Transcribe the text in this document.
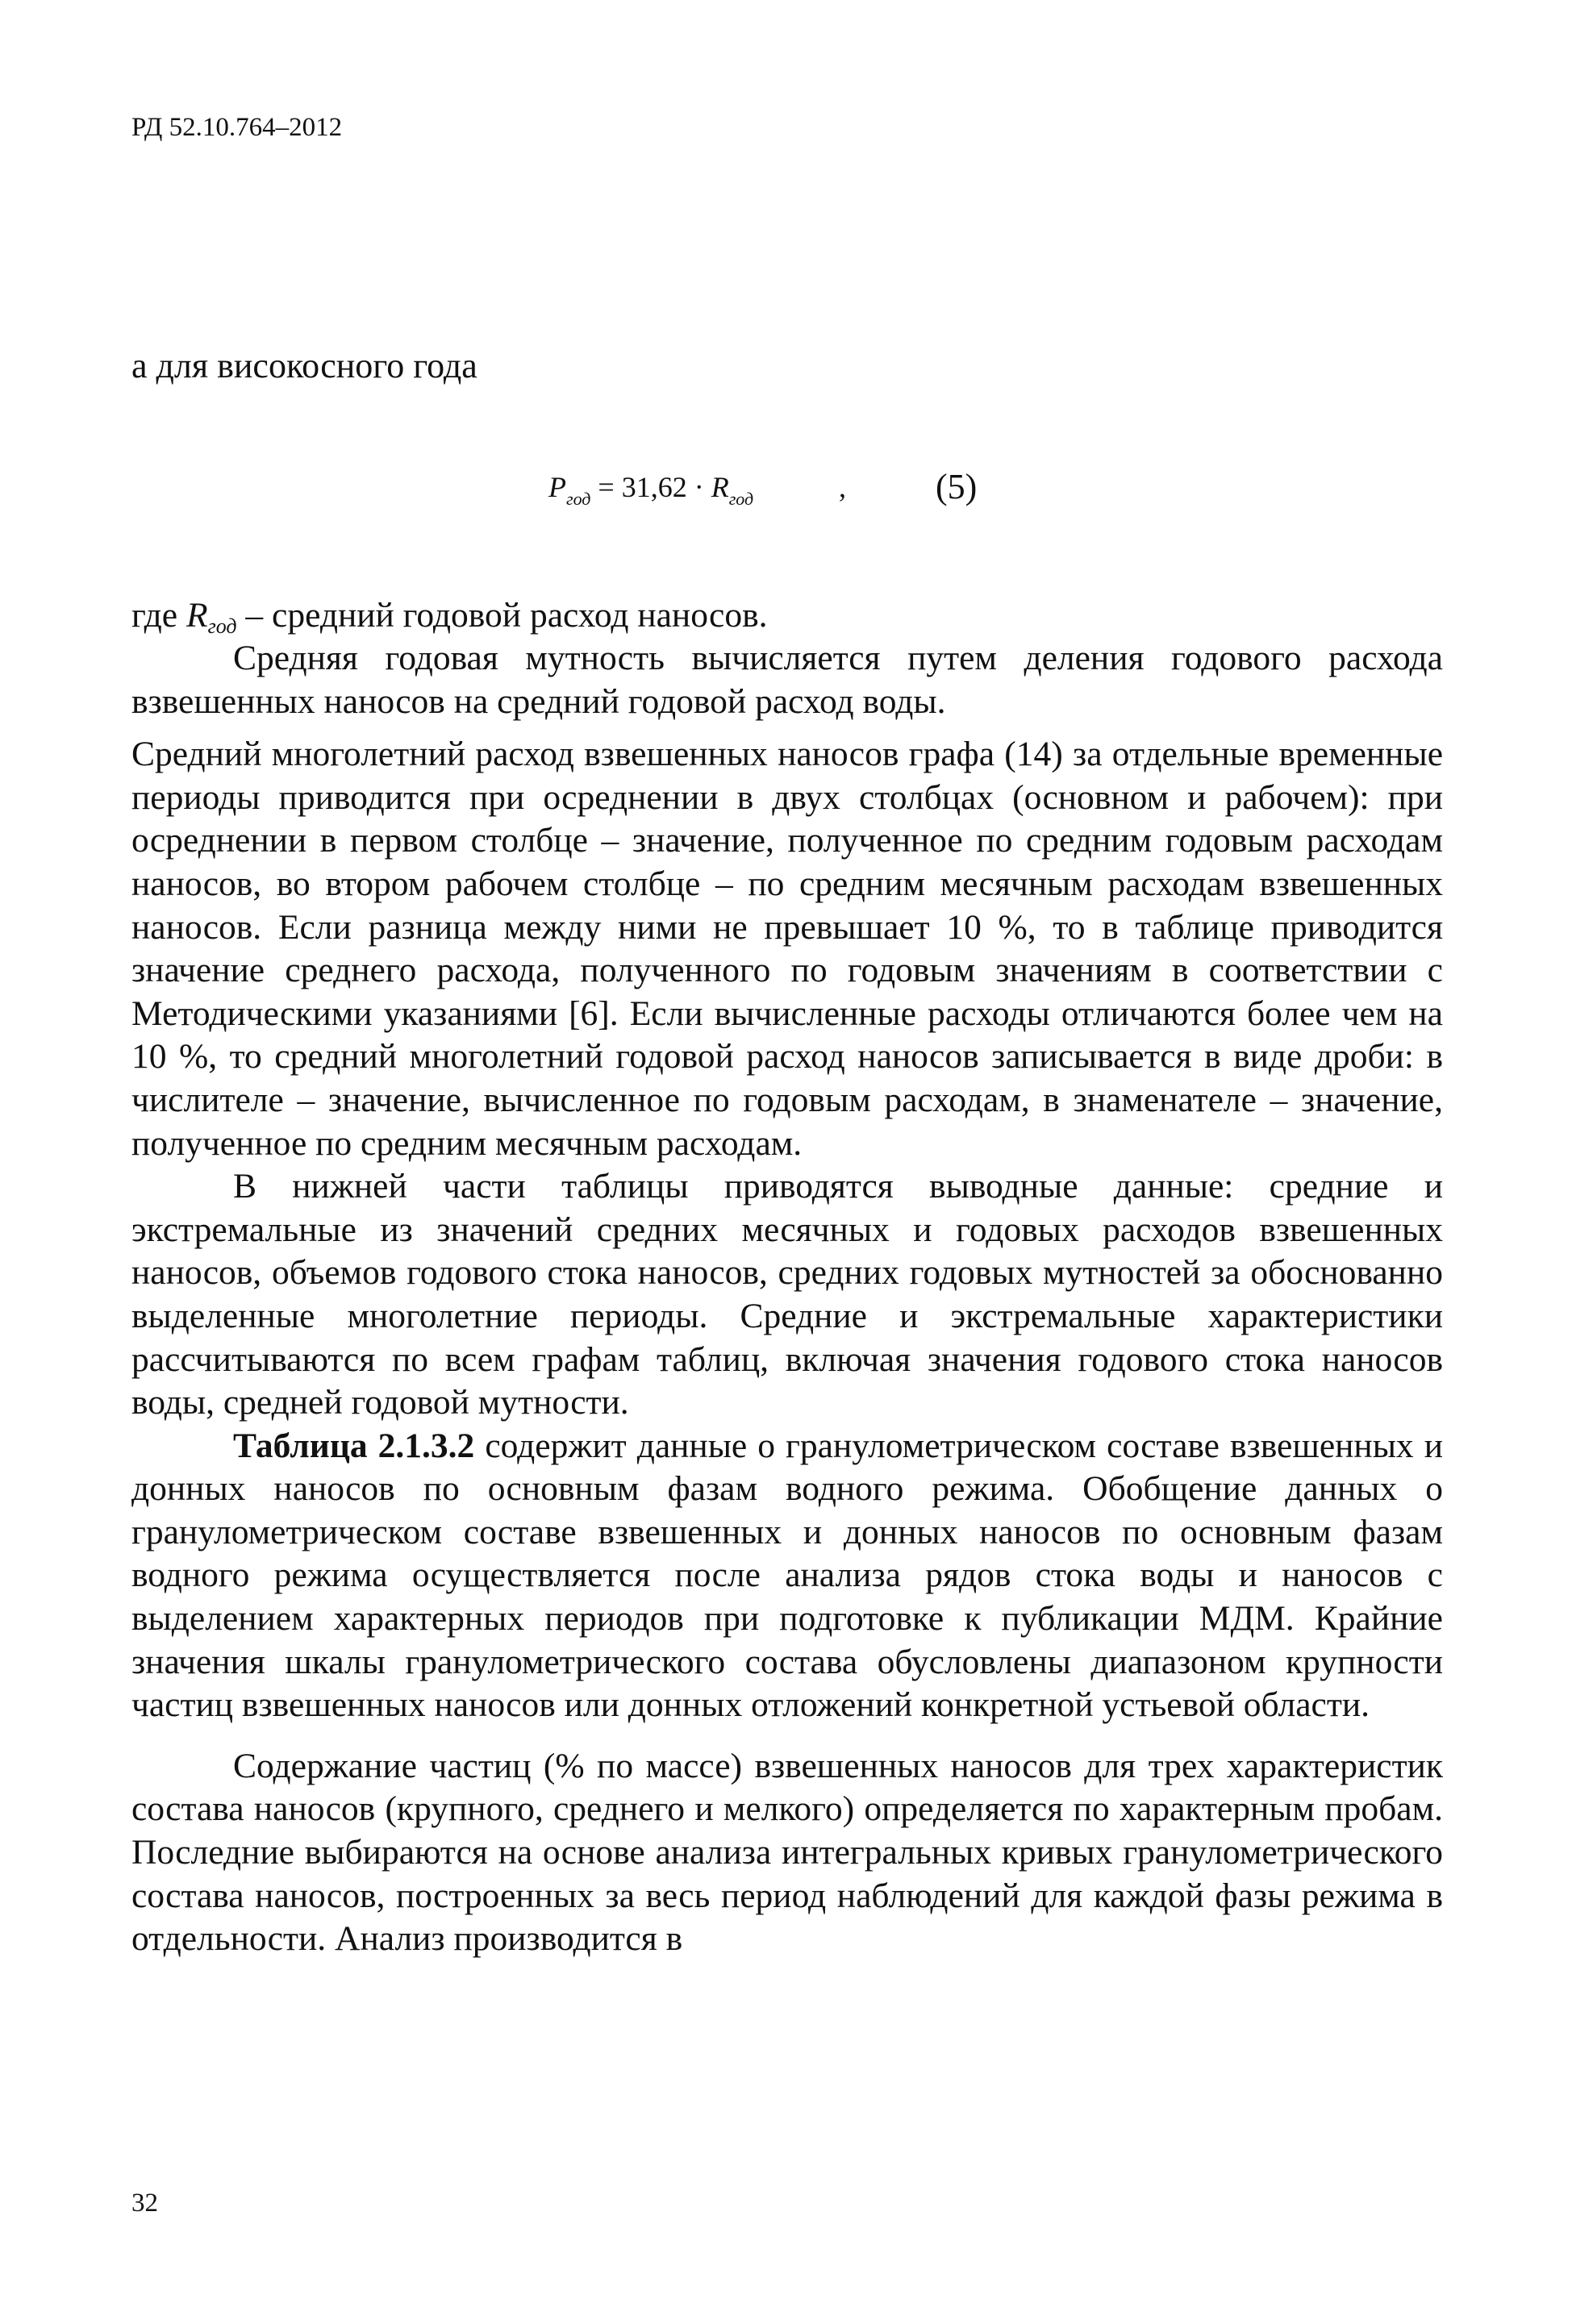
РД 52.10.764–2012
а для високосного года
$P_{год} = 31,62 \cdot R_{год}$	,	(5)
где $R_{год}$ – средний годовой расход наносов.

Средняя годовая мутность вычисляется путем деления годового расхода взвешенных наносов на средний годовой расход воды.

Средний многолетний расход взвешенных наносов графа (14) за отдельные временные периоды приводится при осреднении в двух столбцах (основном и рабочем): при осреднении в первом столбце – значение, полученное по средним годовым расходам наносов, во втором рабочем столбце – по средним месячным расходам взвешенных наносов. Если разница между ними не превышает 10 %, то в таблице приводится значение среднего расхода, полученного по годовым значениям в соответствии с Методическими указаниями [6]. Если вычисленные расходы отличаются более чем на 10 %, то средний многолетний годовой расход наносов записывается в виде дроби: в числителе – значение, вычисленное по годовым расходам, в знаменателе – значение, полученное по средним месячным расходам.

В нижней части таблицы приводятся выводные данные: средние и экстремальные из значений средних месячных и годовых расходов взвешенных наносов, объемов годового стока наносов, средних годовых мутностей за обоснованно выделенные многолетние периоды. Средние и экстремальные характеристики рассчитываются по всем графам таблиц, включая значения годового стока наносов воды, средней годовой мутности.

Таблица 2.1.3.2 содержит данные о гранулометрическом составе взвешенных и донных наносов по основным фазам водного режима. Обобщение данных о гранулометрическом составе взвешенных и донных наносов по основным фазам водного режима осуществляется после анализа рядов стока воды и наносов с выделением характерных периодов при подготовке к публикации МДМ. Крайние значения шкалы гранулометрического состава обусловлены диапазоном крупности частиц взвешенных наносов или донных отложений конкретной устьевой области.

Содержание частиц (% по массе) взвешенных наносов для трех характеристик состава наносов (крупного, среднего и мелкого) определяется по характерным пробам. Последние выбираются на основе анализа интегральных кривых гранулометрического состава наносов, построенных за весь период наблюдений для каждой фазы режима в отдельности. Анализ производится в

32
